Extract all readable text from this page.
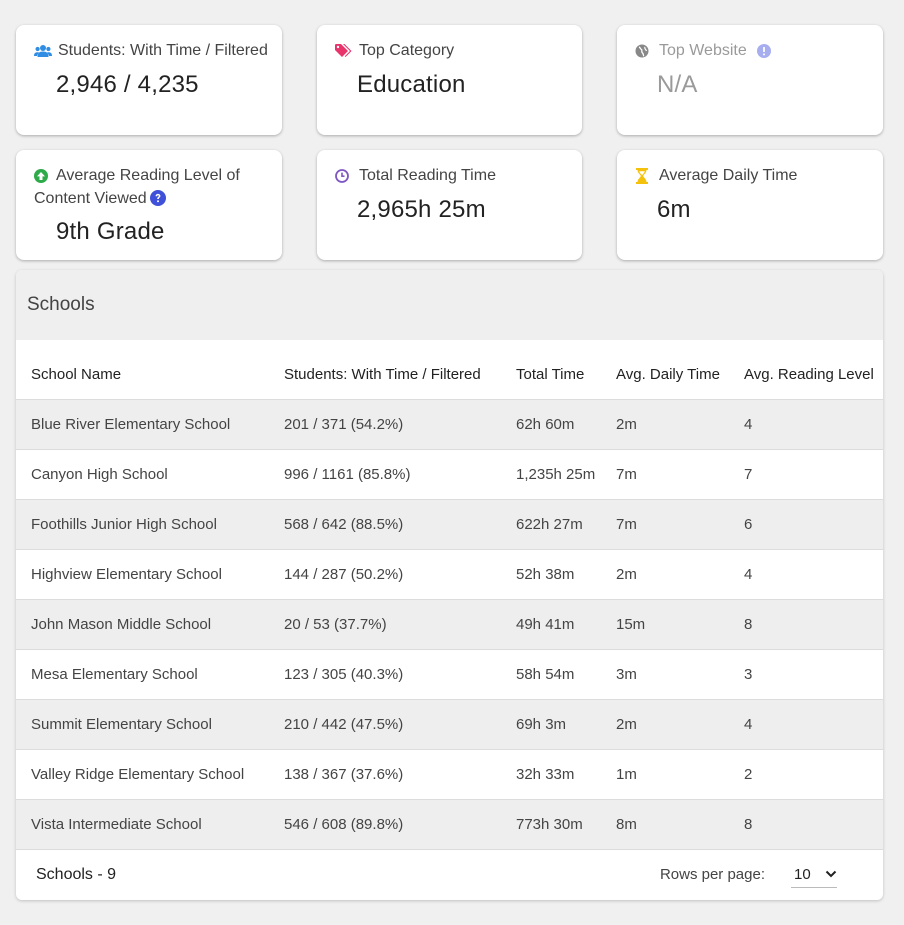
Students: With Time / Filtered
2,946 / 4,235
Top Category
Education
Top Website
N/A
Average Reading Level of Content Viewed
9th Grade
Total Reading Time
2,965h 25m
Average Daily Time
6m
Schools
School Name	Students: With Time / Filtered	Total Time	Avg. Daily Time	Avg. Reading Level
Blue River Elementary School	201 / 371 (54.2%)	62h 60m	2m	4
Canyon High School	996 / 1161 (85.8%)	1,235h 25m	7m	7
Foothills Junior High School	568 / 642 (88.5%)	622h 27m	7m	6
Highview Elementary School	144 / 287 (50.2%)	52h 38m	2m	4
John Mason Middle School	20 / 53 (37.7%)	49h 41m	15m	8
Mesa Elementary School	123 / 305 (40.3%)	58h 54m	3m	3
Summit Elementary School	210 / 442 (47.5%)	69h 3m	2m	4
Valley Ridge Elementary School	138 / 367 (37.6%)	32h 33m	1m	2
Vista Intermediate School	546 / 608 (89.8%)	773h 30m	8m	8
Schools - 9	Rows per page: 10
